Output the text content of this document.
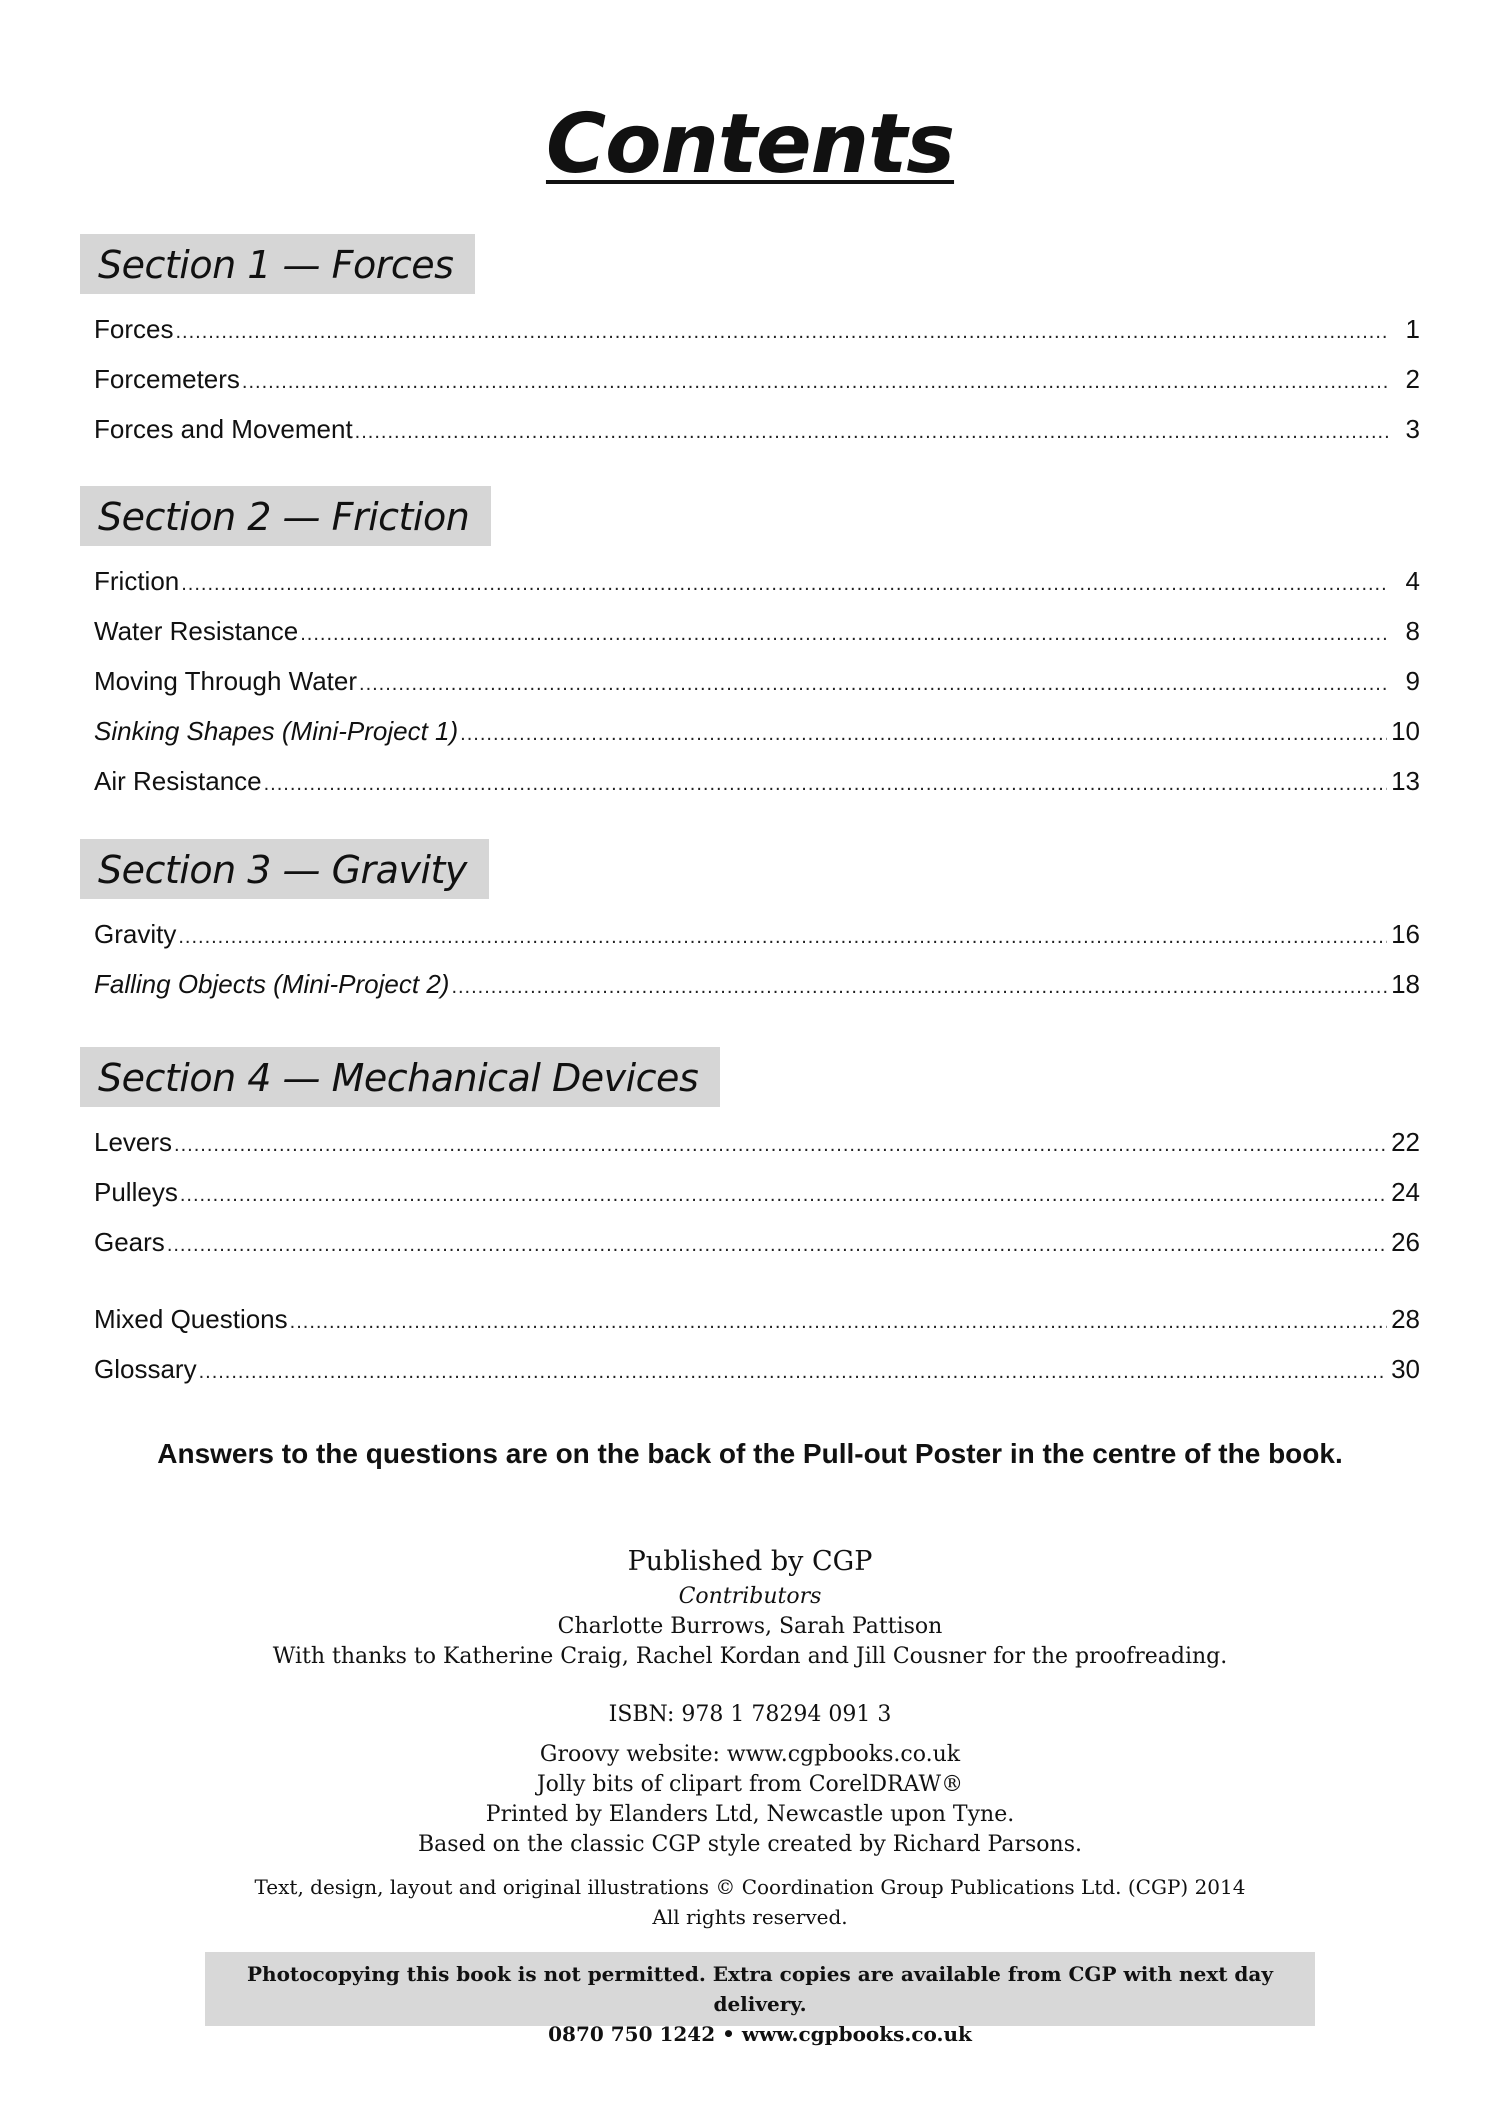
Contents
Section 1 — Forces
Forces .....	1
Forcemeters .....	2
Forces and Movement .....	3
Section 2 — Friction
Friction .....	4
Water Resistance .....	8
Moving Through Water .....	9
Sinking Shapes (Mini-Project 1) .....	10
Air Resistance .....	13
Section 3 — Gravity
Gravity .....	16
Falling Objects (Mini-Project 2) .....	18
Section 4 — Mechanical Devices
Levers .....	22
Pulleys .....	24
Gears .....	26
Mixed Questions .....	28
Glossary .....	30
Answers to the questions are on the back of the Pull-out Poster in the centre of the book.
Published by CGP
Contributors
Charlotte Burrows, Sarah Pattison
With thanks to Katherine Craig, Rachel Kordan and Jill Cousner for the proofreading.
ISBN: 978 1 78294 091 3
Groovy website: www.cgpbooks.co.uk
Jolly bits of clipart from CorelDRAW®
Printed by Elanders Ltd, Newcastle upon Tyne.
Based on the classic CGP style created by Richard Parsons.
Text, design, layout and original illustrations © Coordination Group Publications Ltd. (CGP) 2014
All rights reserved.
Photocopying this book is not permitted. Extra copies are available from CGP with next day delivery.
0870 750 1242 • www.cgpbooks.co.uk
